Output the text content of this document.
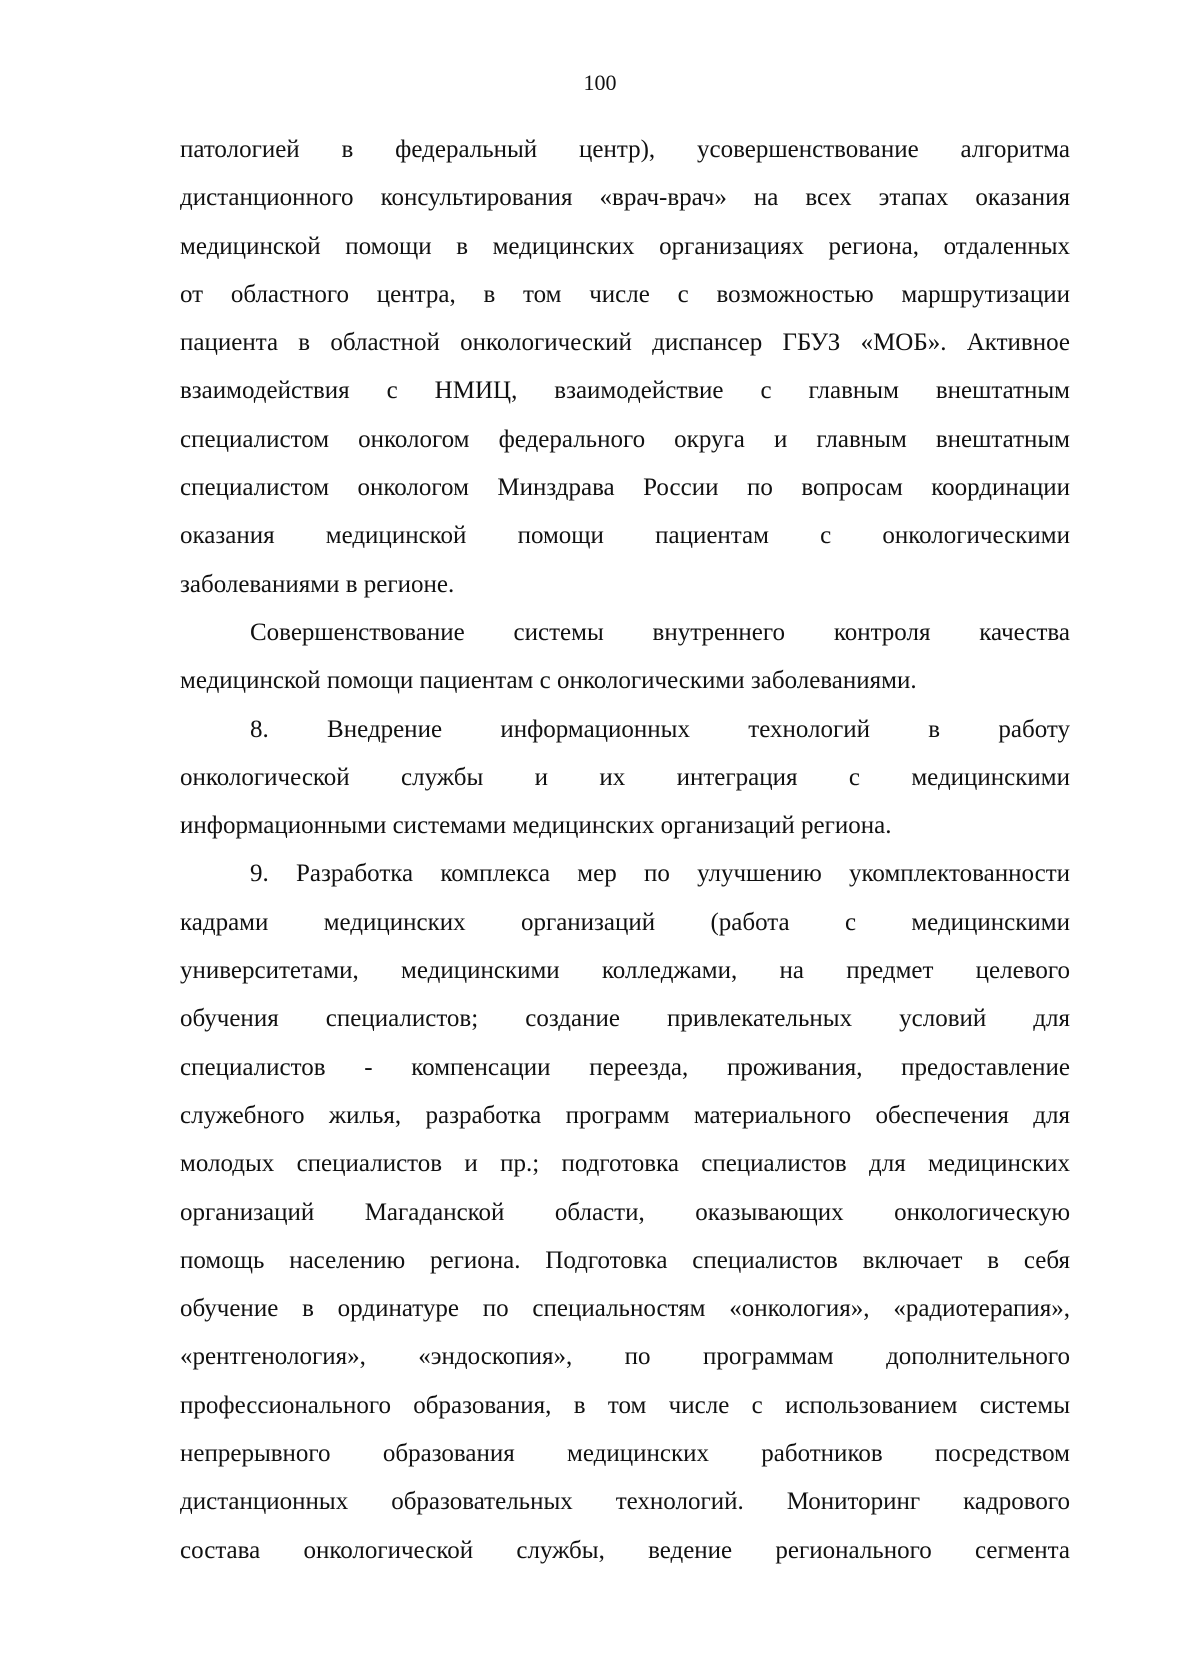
100
патологией в федеральный центр), усовершенствование алгоритма
дистанционного консультирования «врач-врач» на всех этапах оказания
медицинской помощи в медицинских организациях региона, отдаленных
от областного центра, в том числе с возможностью маршрутизации
пациента в областной онкологический диспансер ГБУЗ «МОБ». Активное
взаимодействия с НМИЦ, взаимодействие с главным внештатным
специалистом онкологом федерального округа и главным внештатным
специалистом онкологом Минздрава России по вопросам координации
оказания медицинской помощи пациентам с онкологическими
заболеваниями в регионе.
Совершенствование системы внутреннего контроля качества
медицинской помощи пациентам с онкологическими заболеваниями.
8. Внедрение информационных технологий в работу
онкологической службы и их интеграция с медицинскими
информационными системами медицинских организаций региона.
9. Разработка комплекса мер по улучшению укомплектованности
кадрами медицинских организаций (работа с медицинскими
университетами, медицинскими колледжами, на предмет целевого
обучения специалистов; создание привлекательных условий для
специалистов - компенсации переезда, проживания, предоставление
служебного жилья, разработка программ материального обеспечения для
молодых специалистов и пр.; подготовка специалистов для медицинских
организаций Магаданской области, оказывающих онкологическую
помощь населению региона. Подготовка специалистов включает в себя
обучение в ординатуре по специальностям «онкология», «радиотерапия»,
«рентгенология», «эндоскопия», по программам дополнительного
профессионального образования, в том числе с использованием системы
непрерывного образования медицинских работников посредством
дистанционных образовательных технологий. Мониторинг кадрового
состава онкологической службы, ведение регионального сегмента
